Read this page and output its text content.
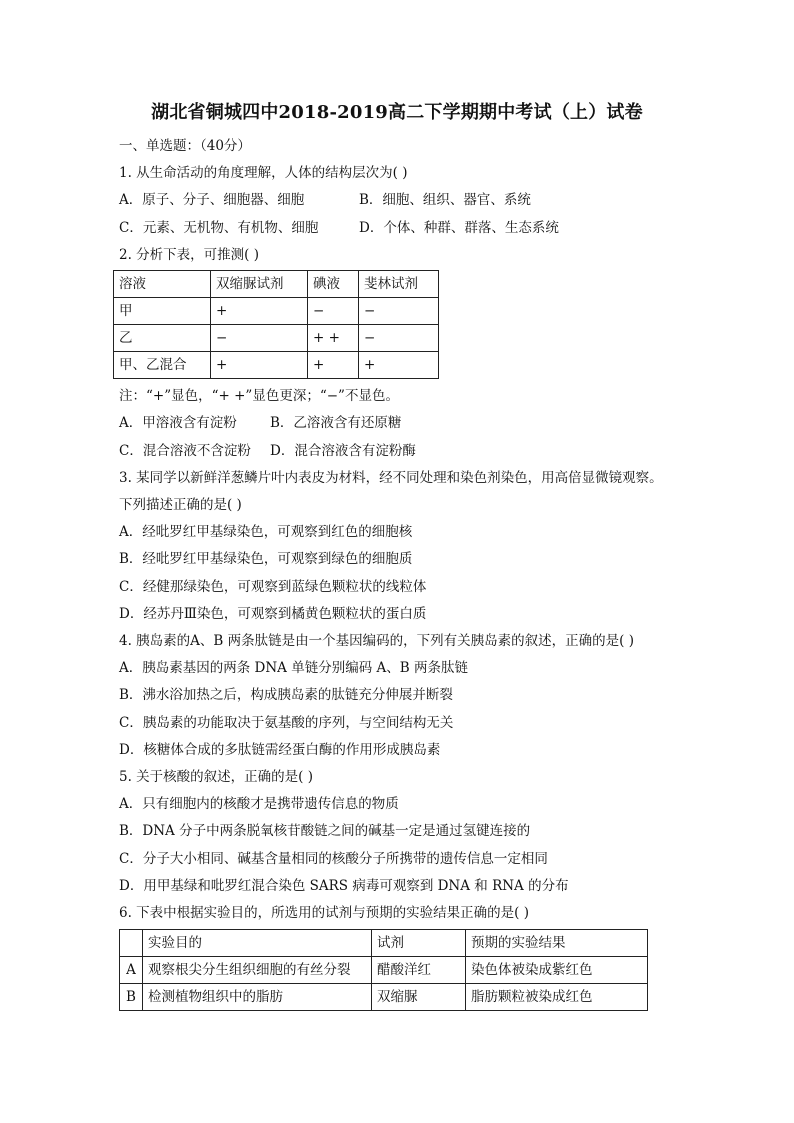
湖北省铜城四中2018-2019高二下学期期中考试（上）试卷
一、单选题：（40分）
1. 从生命活动的角度理解，人体的结构层次为( )
A．原子、分子、细胞器、细胞	B．细胞、组织、器官、系统
C．元素、无机物、有机物、细胞	D．个体、种群、群落、生态系统
2. 分析下表，可推测( )
溶液	双缩脲试剂	碘液	斐林试剂
甲	+	−	−
乙	−	+ +	−
甲、乙混合	+	+	+
注：“+”显色，“+ +”显色更深；“−”不显色。
A．甲溶液含有淀粉 B．乙溶液含有还原糖
C．混合溶液不含淀粉 D．混合溶液含有淀粉酶
3. 某同学以新鲜洋葱鳞片叶内表皮为材料，经不同处理和染色剂染色，用高倍显微镜观察。
下列描述正确的是( )
A．经吡罗红甲基绿染色，可观察到红色的细胞核
B．经吡罗红甲基绿染色，可观察到绿色的细胞质
C．经健那绿染色，可观察到蓝绿色颗粒状的线粒体
D．经苏丹Ⅲ染色，可观察到橘黄色颗粒状的蛋白质
4. 胰岛素的A、B 两条肽链是由一个基因编码的，下列有关胰岛素的叙述，正确的是( )
A．胰岛素基因的两条 DNA 单链分别编码 A、B 两条肽链
B．沸水浴加热之后，构成胰岛素的肽链充分伸展并断裂
C．胰岛素的功能取决于氨基酸的序列，与空间结构无关
D．核糖体合成的多肽链需经蛋白酶的作用形成胰岛素
5. 关于核酸的叙述，正确的是( )
A．只有细胞内的核酸才是携带遗传信息的物质
B．DNA 分子中两条脱氧核苷酸链之间的碱基一定是通过氢键连接的
C．分子大小相同、碱基含量相同的核酸分子所携带的遗传信息一定相同
D．用甲基绿和吡罗红混合染色 SARS 病毒可观察到 DNA 和 RNA 的分布
6. 下表中根据实验目的，所选用的试剂与预期的实验结果正确的是( )
	实验目的	试剂	预期的实验结果
A	观察根尖分生组织细胞的有丝分裂	醋酸洋红	染色体被染成紫红色
B	检测植物组织中的脂肪	双缩脲	脂肪颗粒被染成红色
